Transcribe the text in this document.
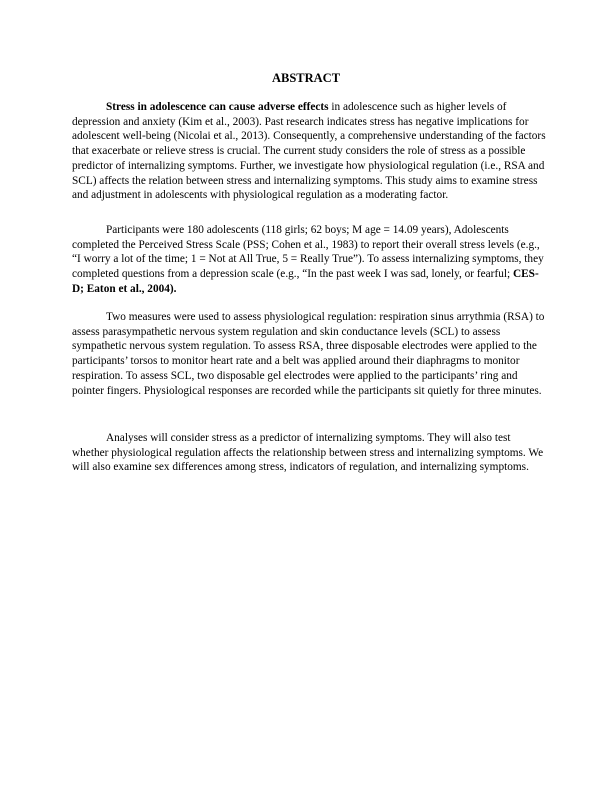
ABSTRACT

Stress in adolescence can cause adverse effects in adolescence such as higher levels of depression and anxiety (Kim et al., 2003). Past research indicates stress has negative implications for adolescent well-being (Nicolai et al., 2013). Consequently, a comprehensive understanding of the factors that exacerbate or relieve stress is crucial. The current study considers the role of stress as a possible predictor of internalizing symptoms. Further, we investigate how physiological regulation (i.e., RSA and SCL) affects the relation between stress and internalizing symptoms. This study aims to examine stress and adjustment in adolescents with physiological regulation as a moderating factor.

Participants were 180 adolescents (118 girls; 62 boys; M age = 14.09 years), Adolescents completed the Perceived Stress Scale (PSS; Cohen et al., 1983) to report their overall stress levels (e.g., “I worry a lot of the time; 1 = Not at All True, 5 = Really True”). To assess internalizing symptoms, they completed questions from a depression scale (e.g., “In the past week I was sad, lonely, or fearful; CES-D; Eaton et al., 2004).

Two measures were used to assess physiological regulation: respiration sinus arrythmia (RSA) to assess parasympathetic nervous system regulation and skin conductance levels (SCL) to assess sympathetic nervous system regulation. To assess RSA, three disposable electrodes were applied to the participants’ torsos to monitor heart rate and a belt was applied around their diaphragms to monitor respiration. To assess SCL, two disposable gel electrodes were applied to the participants’ ring and pointer fingers. Physiological responses are recorded while the participants sit quietly for three minutes.

Analyses will consider stress as a predictor of internalizing symptoms. They will also test whether physiological regulation affects the relationship between stress and internalizing symptoms. We will also examine sex differences among stress, indicators of regulation, and internalizing symptoms.
